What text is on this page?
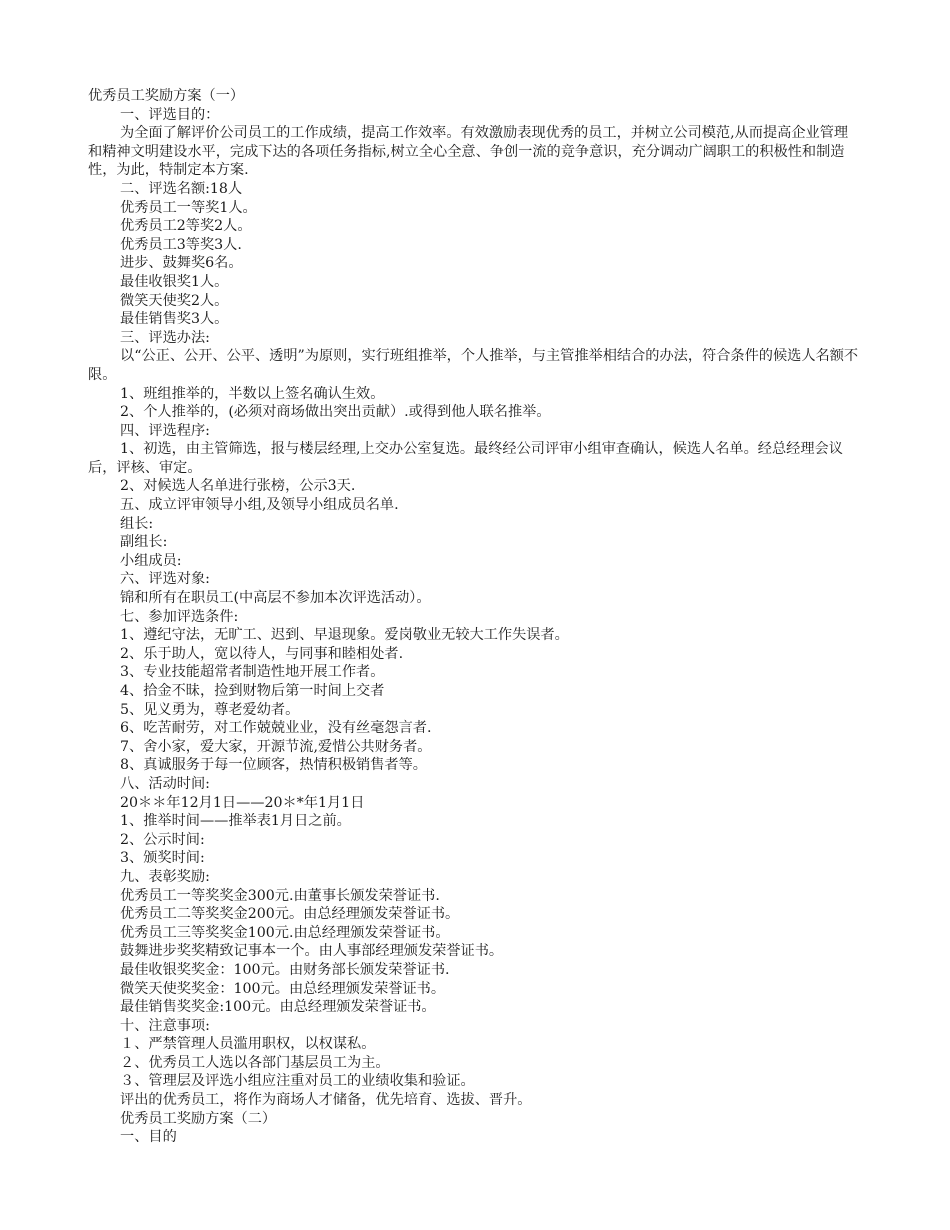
优秀员工奖励方案（一）
一、评选目的：
为全面了解评价公司员工的工作成绩，提高工作效率。有效激励表现优秀的员工，并树立公司模范,从而提高企业管理和精神文明建设水平，完成下达的各项任务指标,树立全心全意、争创一流的竞争意识，充分调动广阔职工的积极性和制造性，为此，特制定本方案.
二、评选名额:18人
优秀员工一等奖1人。
优秀员工2等奖2人。
优秀员工3等奖3人.
进步、鼓舞奖6名。
最佳收银奖1人。
微笑天使奖2人。
最佳销售奖3人。
三、评选办法:
以“公正、公开、公平、透明”为原则，实行班组推举，个人推举，与主管推举相结合的办法，符合条件的候选人名额不限。
1、班组推举的，半数以上签名确认生效。
2、个人推举的，(必须对商场做出突出贡献）.或得到他人联名推举。
四、评选程序:
1、初选，由主管筛选，报与楼层经理,上交办公室复选。最终经公司评审小组审查确认，候选人名单。经总经理会议后，评核、审定。
2、对候选人名单进行张榜，公示3天.
五、成立评审领导小组,及领导小组成员名单.
组长:
副组长:
小组成员:
六、评选对象:
锦和所有在职员工(中高层不参加本次评选活动）。
七、参加评选条件:
1、遵纪守法，无旷工、迟到、早退现象。爱岗敬业无较大工作失误者。
2、乐于助人，宽以待人，与同事和睦相处者.
3、专业技能超常者制造性地开展工作者。
4、拾金不昧，捡到财物后第一时间上交者
5、见义勇为，尊老爱幼者。
6、吃苦耐劳，对工作兢兢业业，没有丝毫怨言者.
7、舍小家，爱大家，开源节流,爱惜公共财务者。
8、真诚服务于每一位顾客，热情积极销售者等。
八、活动时间:
20＊＊年12月1日——20＊*年1月1日
1、推举时间——推举表1月日之前。
2、公示时间:
3、颁奖时间:
九、表彰奖励:
优秀员工一等奖奖金300元.由董事长颁发荣誉证书.
优秀员工二等奖奖金200元。由总经理颁发荣誉证书。
优秀员工三等奖奖金100元.由总经理颁发荣誉证书。
鼓舞进步奖奖精致记事本一个。由人事部经理颁发荣誉证书。
最佳收银奖奖金：100元。由财务部长颁发荣誉证书.
微笑天使奖奖金：100元。由总经理颁发荣誉证书。
最佳销售奖奖金:100元。由总经理颁发荣誉证书。
十、注意事项:
１、严禁管理人员滥用职权，以权谋私。
２、优秀员工人选以各部门基层员工为主。
３、管理层及评选小组应注重对员工的业绩收集和验证。
评出的优秀员工，将作为商场人才储备，优先培育、选拔、晋升。
优秀员工奖励方案（二）
一、目的
